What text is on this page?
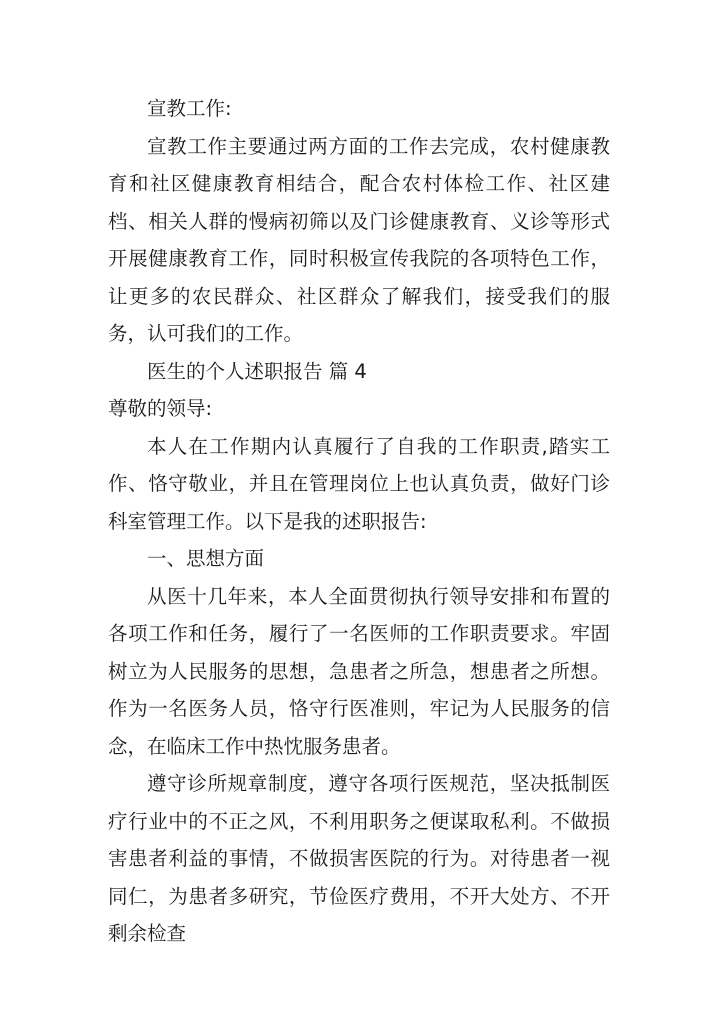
宣教工作:

宣教工作主要通过两方面的工作去完成，农村健康教育和社区健康教育相结合，配合农村体检工作、社区建档、相关人群的慢病初筛以及门诊健康教育、义诊等形式开展健康教育工作，同时积极宣传我院的各项特色工作，让更多的农民群众、社区群众了解我们，接受我们的服务，认可我们的工作。

医生的个人述职报告 篇 4

尊敬的领导:

本人在工作期内认真履行了自我的工作职责,踏实工作、恪守敬业，并且在管理岗位上也认真负责，做好门诊科室管理工作。以下是我的述职报告:

一、思想方面

从医十几年来，本人全面贯彻执行领导安排和布置的各项工作和任务，履行了一名医师的工作职责要求。牢固树立为人民服务的思想，急患者之所急，想患者之所想。作为一名医务人员，恪守行医准则，牢记为人民服务的信念，在临床工作中热忱服务患者。

遵守诊所规章制度，遵守各项行医规范，坚决抵制医疗行业中的不正之风，不利用职务之便谋取私利。不做损害患者利益的事情，不做损害医院的行为。对待患者一视同仁，为患者多研究，节俭医疗费用，不开大处方、不开剩余检查
